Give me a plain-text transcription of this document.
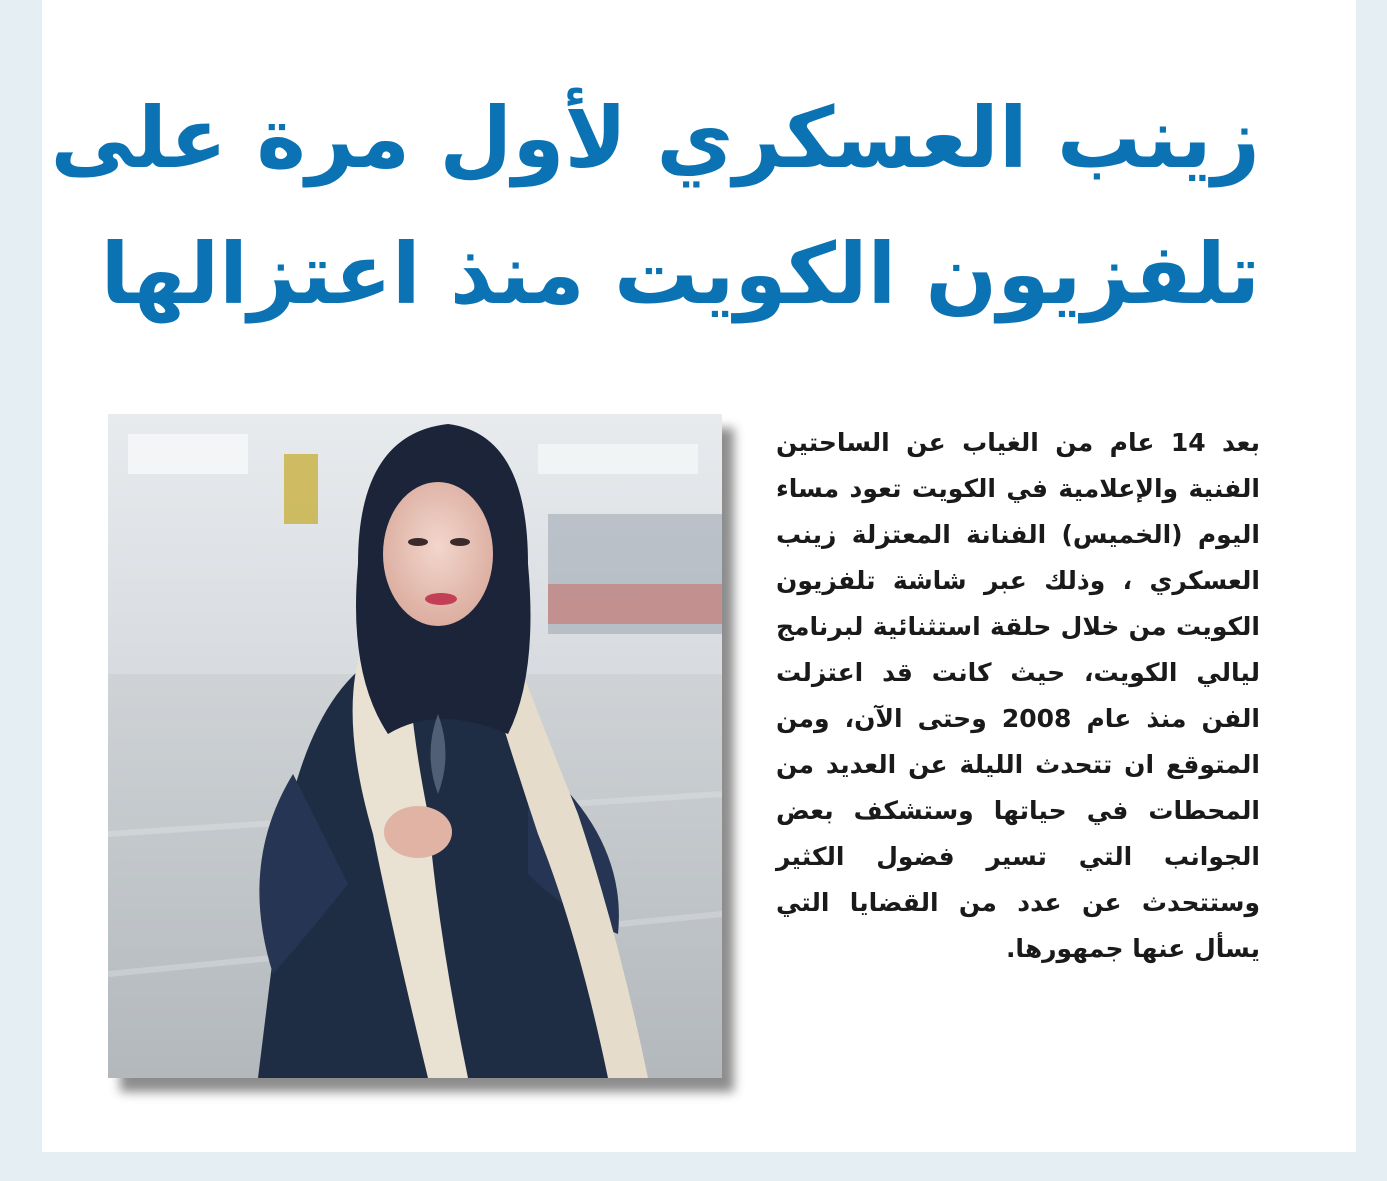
زينب العسكري لأول مرة على
تلفزيون الكويت منذ اعتزالها

بعد 14 عام من الغياب عن الساحتين الفنية والإعلامية في الكويت تعود مساء اليوم (الخميس) الفنانة المعتزلة زينب العسكري ، وذلك عبر شاشة تلفزيون الكويت من خلال حلقة استثنائية لبرنامج ليالي الكويت، حيث كانت قد اعتزلت الفن منذ عام 2008 وحتى الآن، ومن المتوقع ان تتحدث الليلة عن العديد من المحطات في حياتها وستشكف بعض الجوانب التي تسير فضول الكثير وستتحدث عن عدد من القضايا التي يسأل عنها جمهورها.
